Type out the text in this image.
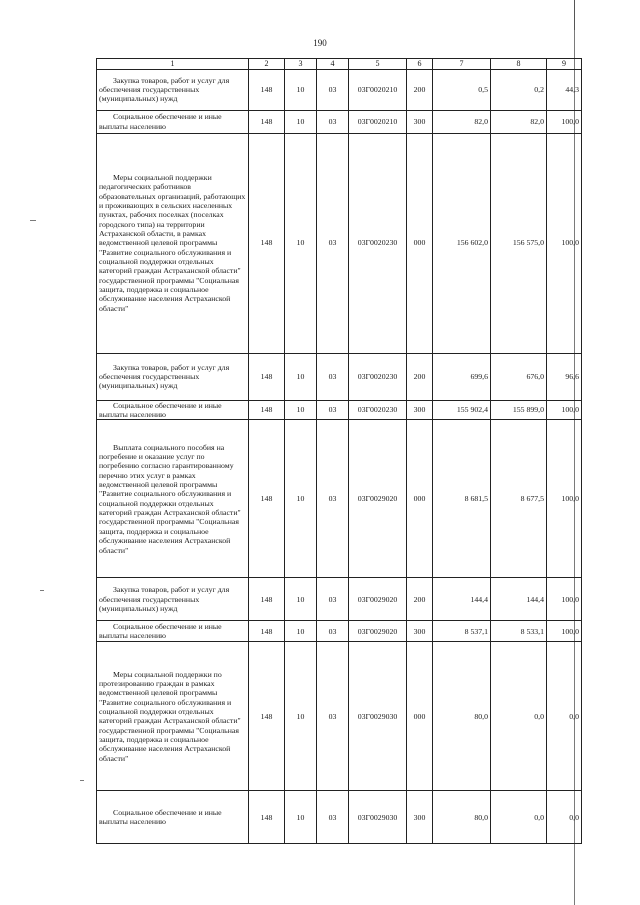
190
1	2	3	4	5	6	7	8	9

Закупка товаров, работ и услуг для обеспечения государственных (муниципальных) нужд	148	10	03	03Г0020210	200	0,5	0,2	44,3

Социальное обеспечение и иные выплаты населению	148	10	03	03Г0020210	300	82,0	82,0	100,0

Меры социальной поддержки педагогических работников образовательных организаций, работающих и проживающих в сельских населенных пунктах, рабочих поселках (поселках городского типа) на территории Астраханской области, в рамках ведомственной целевой программы "Развитие социального обслуживания и социальной поддержки отдельных категорий граждан Астраханской области" государственной программы "Социальная защита, поддержка и социальное обслуживание населения Астраханской области"	148	10	03	03Г0020230	000	156 602,0	156 575,0	100,0

Закупка товаров, работ и услуг для обеспечения государственных (муниципальных) нужд	148	10	03	03Г0020230	200	699,6	676,0	96,6

Социальное обеспечение и иные выплаты населению	148	10	03	03Г0020230	300	155 902,4	155 899,0	100,0

Выплата социального пособия на погребение и оказание услуг по погребению согласно гарантированному перечню этих услуг в рамках ведомственной целевой программы "Развитие социального обслуживания и социальной поддержки отдельных категорий граждан Астраханской области" государственной программы "Социальная защита, поддержка и социальное обслуживание населения Астраханской области"	148	10	03	03Г0029020	000	8 681,5	8 677,5	100,0

Закупка товаров, работ и услуг для обеспечения государственных (муниципальных) нужд	148	10	03	03Г0029020	200	144,4	144,4	100,0

Социальное обеспечение и иные выплаты населению	148	10	03	03Г0029020	300	8 537,1	8 533,1	100,0

Меры социальной поддержки по протезированию граждан в рамках ведомственной целевой программы "Развитие социального обслуживания и социальной поддержки отдельных категорий граждан Астраханской области" государственной программы "Социальная защита, поддержка и социальное обслуживание населения Астраханской области"	148	10	03	03Г0029030	000	80,0	0,0	0,0

Социальное обеспечение и иные выплаты населению	148	10	03	03Г0029030	300	80,0	0,0	0,0
